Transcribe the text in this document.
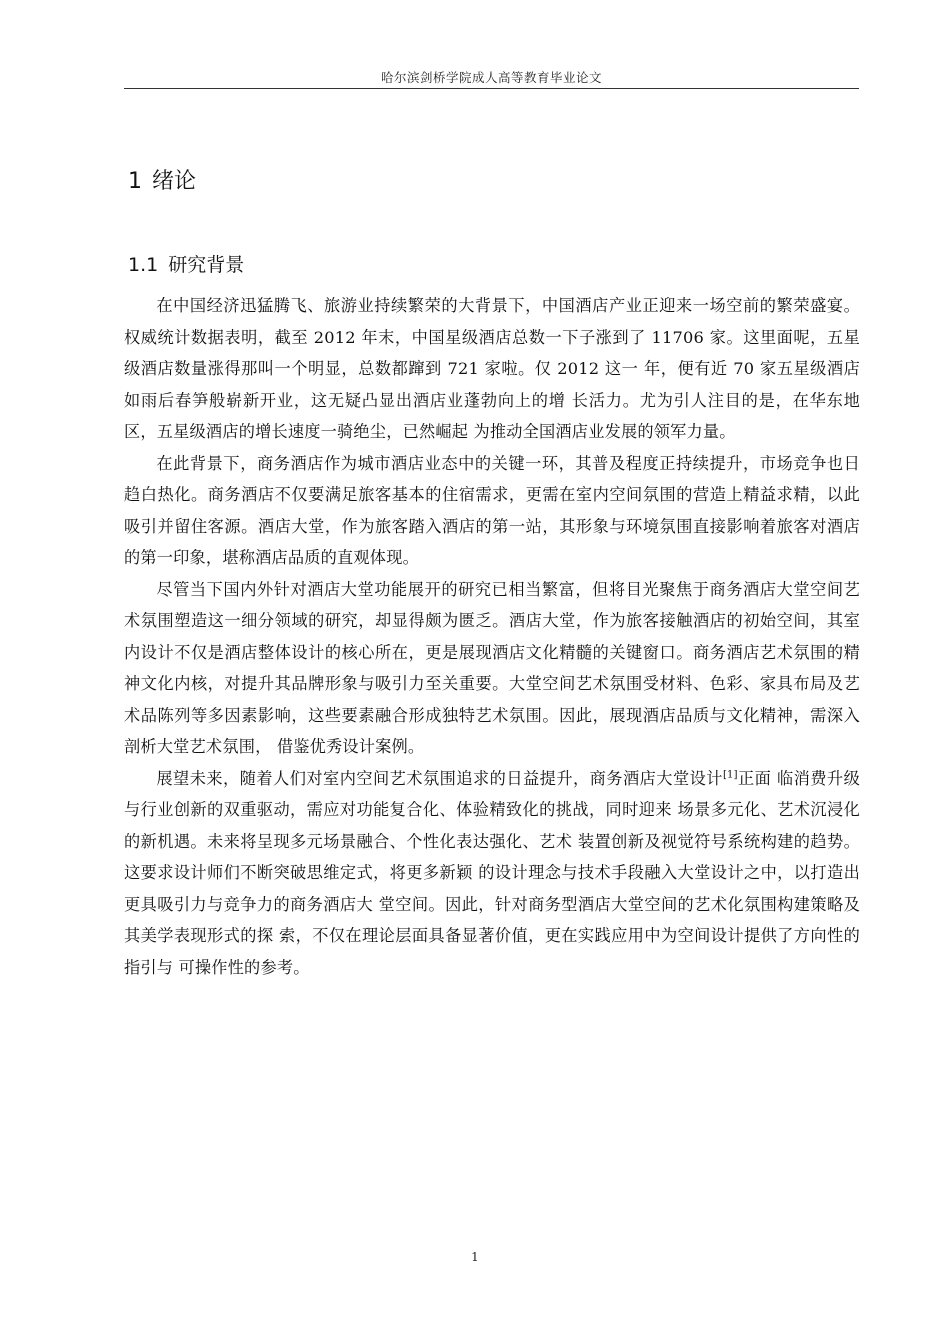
哈尔滨剑桥学院成人高等教育毕业论文
1 绪论
1.1 研究背景

在中国经济迅猛腾飞、旅游业持续繁荣的大背景下，中国酒店产业正迎来一场空前的繁荣盛宴。权威统计数据表明，截至 2012 年末，中国星级酒店总数一下子涨到了 11706 家。这里面呢，五星级酒店数量涨得那叫一个明显，总数都蹿到 721 家啦。仅 2012 这一 年，便有近 70 家五星级酒店如雨后春笋般崭新开业，这无疑凸显出酒店业蓬勃向上的增 长活力。尤为引人注目的是，在华东地区，五星级酒店的增长速度一骑绝尘，已然崛起 为推动全国酒店业发展的领军力量。

在此背景下，商务酒店作为城市酒店业态中的关键一环，其普及程度正持续提升，市场竞争也日趋白热化。商务酒店不仅要满足旅客基本的住宿需求，更需在室内空间氛围的营造上精益求精，以此吸引并留住客源。酒店大堂，作为旅客踏入酒店的第一站，其形象与环境氛围直接影响着旅客对酒店的第一印象，堪称酒店品质的直观体现。

尽管当下国内外针对酒店大堂功能展开的研究已相当繁富，但将目光聚焦于商务酒店大堂空间艺术氛围塑造这一细分领域的研究，却显得颇为匮乏。酒店大堂，作为旅客接触酒店的初始空间，其室内设计不仅是酒店整体设计的核心所在，更是展现酒店文化精髓的关键窗口。商务酒店艺术氛围的精神文化内核，对提升其品牌形象与吸引力至关重要。大堂空间艺术氛围受材料、色彩、家具布局及艺术品陈列等多因素影响，这些要素融合形成独特艺术氛围。因此，展现酒店品质与文化精神，需深入剖析大堂艺术氛围， 借鉴优秀设计案例。

展望未来，随着人们对室内空间艺术氛围追求的日益提升，商务酒店大堂设计[1]正面 临消费升级与行业创新的双重驱动，需应对功能复合化、体验精致化的挑战，同时迎来 场景多元化、艺术沉浸化的新机遇。未来将呈现多元场景融合、个性化表达强化、艺术 装置创新及视觉符号系统构建的趋势。这要求设计师们不断突破思维定式，将更多新颖 的设计理念与技术手段融入大堂设计之中，以打造出更具吸引力与竞争力的商务酒店大 堂空间。因此，针对商务型酒店大堂空间的艺术化氛围构建策略及其美学表现形式的探 索，不仅在理论层面具备显著价值，更在实践应用中为空间设计提供了方向性的指引与 可操作性的参考。

1
